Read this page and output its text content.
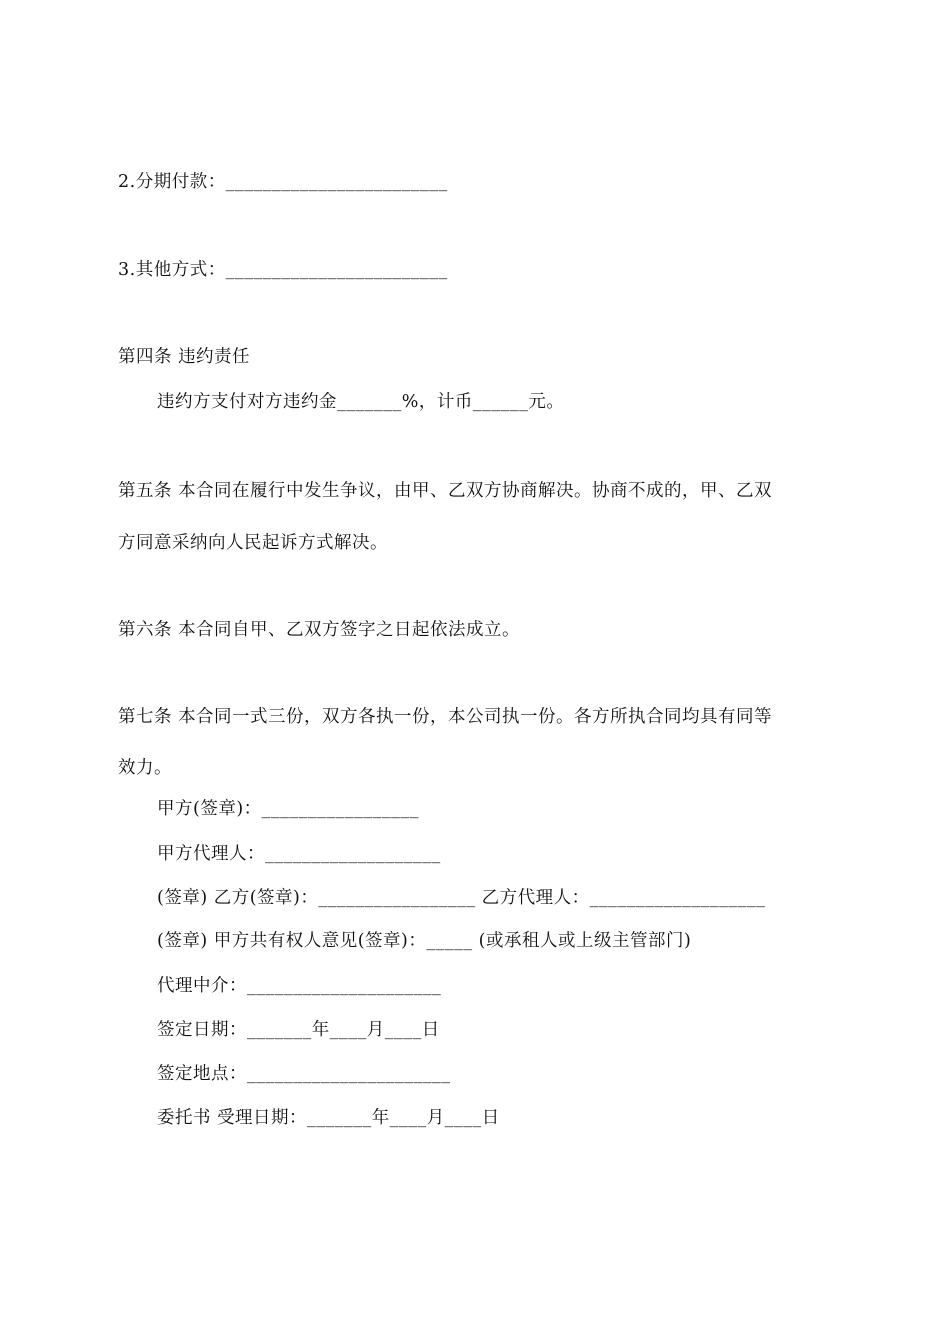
2.分期付款：________________________
3.其他方式：________________________
第四条 违约责任
违约方支付对方违约金_______%，计币______元。
第五条 本合同在履行中发生争议，由甲、乙双方协商解决。协商不成的，甲、乙双
方同意采纳向人民起诉方式解决。
第六条 本合同自甲、乙双方签字之日起依法成立。
第七条 本合同一式三份，双方各执一份，本公司执一份。各方所执合同均具有同等
效力。
甲方(签章)：_________________
甲方代理人：___________________
(签章) 乙方(签章)：_________________ 乙方代理人：___________________
(签章) 甲方共有权人意见(签章)：_____ (或承租人或上级主管部门)
代理中介：_____________________
签定日期：_______年____月____日
签定地点：______________________
委托书 受理日期：_______年____月____日
